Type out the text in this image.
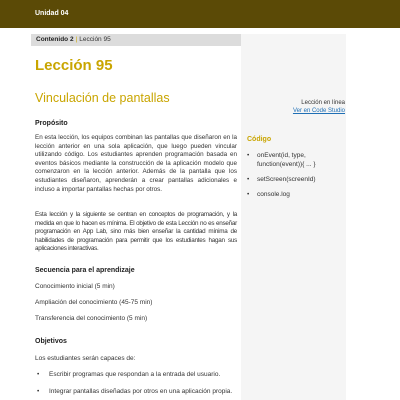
Unidad 04
Contenido 2 | Lección 95
Lección 95
Vinculación de pantallas	Lección en línea
Ver en Code Studio
Propósito

En esta lección, los equipos combinan las pantallas que diseñaron en la lección anterior en una sola aplicación, que luego pueden vincular utilizando código. Los estudiantes aprenden programación basada en eventos básicos mediante la construcción de la aplicación modelo que comenzaron en la lección anterior. Además de la pantalla que los estudiantes diseñaron, aprenderán a crear pantallas adicionales e incluso a importar pantallas hechas por otros.

Esta lección y la siguiente se centran en conceptos de programación, y la medida en que lo hacen es mínima. El objetivo de esta Lección no es enseñar programación en App Lab, sino más bien enseñar la cantidad mínima de habilidades de programación para permitir que los estudiantes hagan sus aplicaciones interactivas.

Secuencia para el aprendizaje
Conocimiento inicial (5 min)
Ampliación del conocimiento (45-75 min)
Transferencia del conocimiento (5 min)
Objetivos
Los estudiantes serán capaces de:
• Escribir programas que respondan a la entrada del usuario.
• Integrar pantallas diseñadas por otros en una aplicación propia.
Código
• onEvent(id, type, function(event)){ ... }
• setScreen(screenId)
• console.log
